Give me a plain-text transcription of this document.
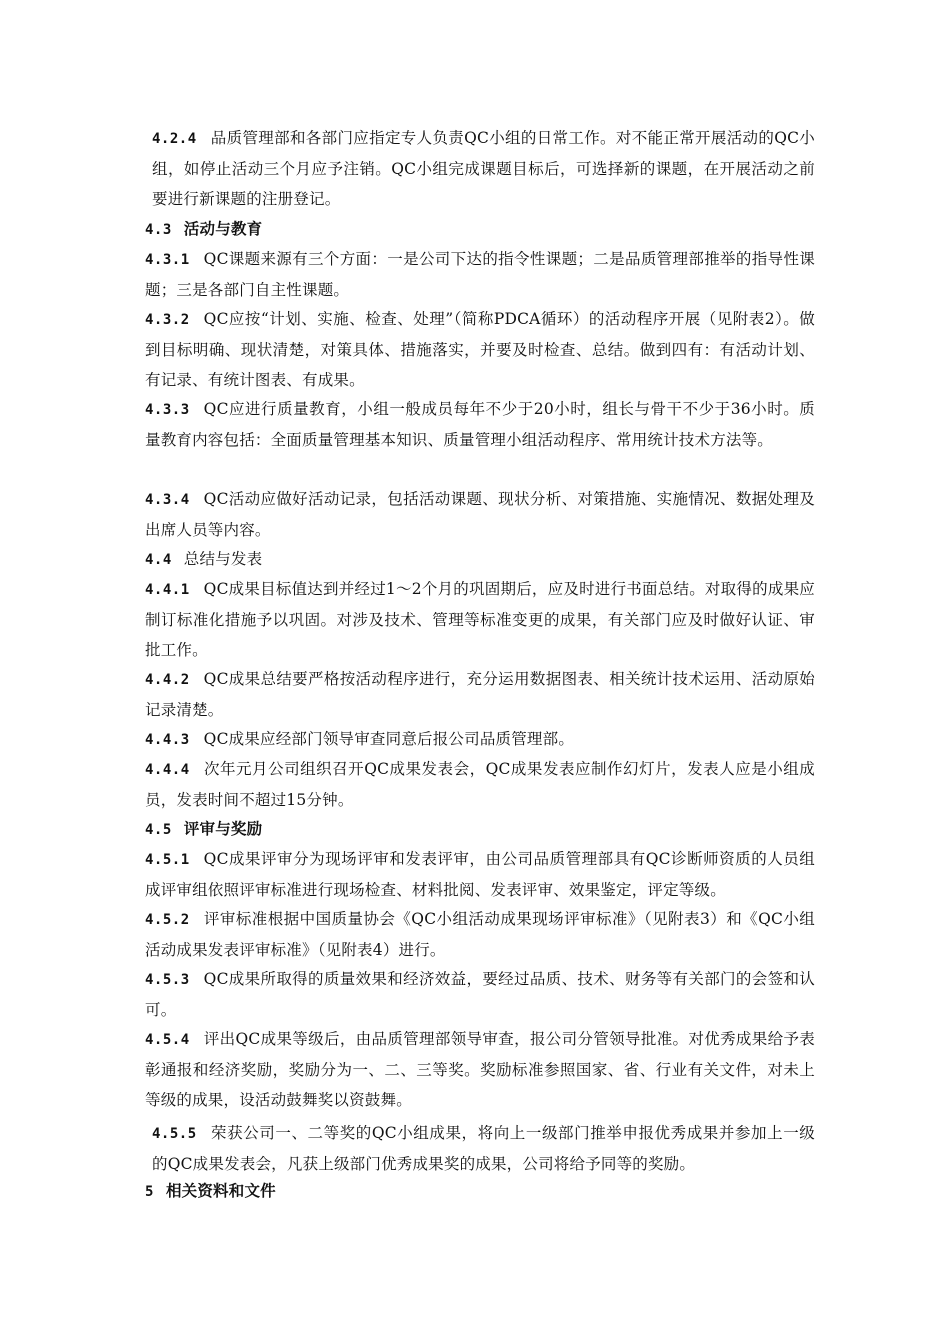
4.2.4 品质管理部和各部门应指定专人负责QC小组的日常工作。对不能正常开展活动的QC小组，如停止活动三个月应予注销。QC小组完成课题目标后，可选择新的课题，在开展活动之前要进行新课题的注册登记。
4.3 活动与教育
4.3.1 QC课题来源有三个方面：一是公司下达的指令性课题；二是品质管理部推举的指导性课题；三是各部门自主性课题。
4.3.2 QC应按“计划、实施、检查、处理”（简称PDCA循环）的活动程序开展（见附表2）。做到目标明确、现状清楚，对策具体、措施落实，并要及时检查、总结。做到四有：有活动计划、有记录、有统计图表、有成果。
4.3.3 QC应进行质量教育，小组一般成员每年不少于20小时，组长与骨干不少于36小时。质量教育内容包括：全面质量管理基本知识、质量管理小组活动程序、常用统计技术方法等。
4.3.4 QC活动应做好活动记录，包括活动课题、现状分析、对策措施、实施情况、数据处理及出席人员等内容。
4.4 总结与发表
4.4.1 QC成果目标值达到并经过1～2个月的巩固期后，应及时进行书面总结。对取得的成果应制订标准化措施予以巩固。对涉及技术、管理等标准变更的成果，有关部门应及时做好认证、审批工作。
4.4.2 QC成果总结要严格按活动程序进行，充分运用数据图表、相关统计技术运用、活动原始记录清楚。
4.4.3 QC成果应经部门领导审查同意后报公司品质管理部。
4.4.4 次年元月公司组织召开QC成果发表会，QC成果发表应制作幻灯片，发表人应是小组成员，发表时间不超过15分钟。
4.5 评审与奖励
4.5.1 QC成果评审分为现场评审和发表评审，由公司品质管理部具有QC诊断师资质的人员组成评审组依照评审标准进行现场检查、材料批阅、发表评审、效果鉴定，评定等级。
4.5.2 评审标准根据中国质量协会《QC小组活动成果现场评审标准》（见附表3）和《QC小组活动成果发表评审标准》（见附表4）进行。
4.5.3 QC成果所取得的质量效果和经济效益，要经过品质、技术、财务等有关部门的会签和认可。
4.5.4 评出QC成果等级后，由品质管理部领导审查，报公司分管领导批准。对优秀成果给予表彰通报和经济奖励，奖励分为一、二、三等奖。奖励标准参照国家、省、行业有关文件，对未上等级的成果，设活动鼓舞奖以资鼓舞。
4.5.5 荣获公司一、二等奖的QC小组成果，将向上一级部门推举申报优秀成果并参加上一级的QC成果发表会，凡获上级部门优秀成果奖的成果，公司将给予同等的奖励。
5 相关资料和文件
